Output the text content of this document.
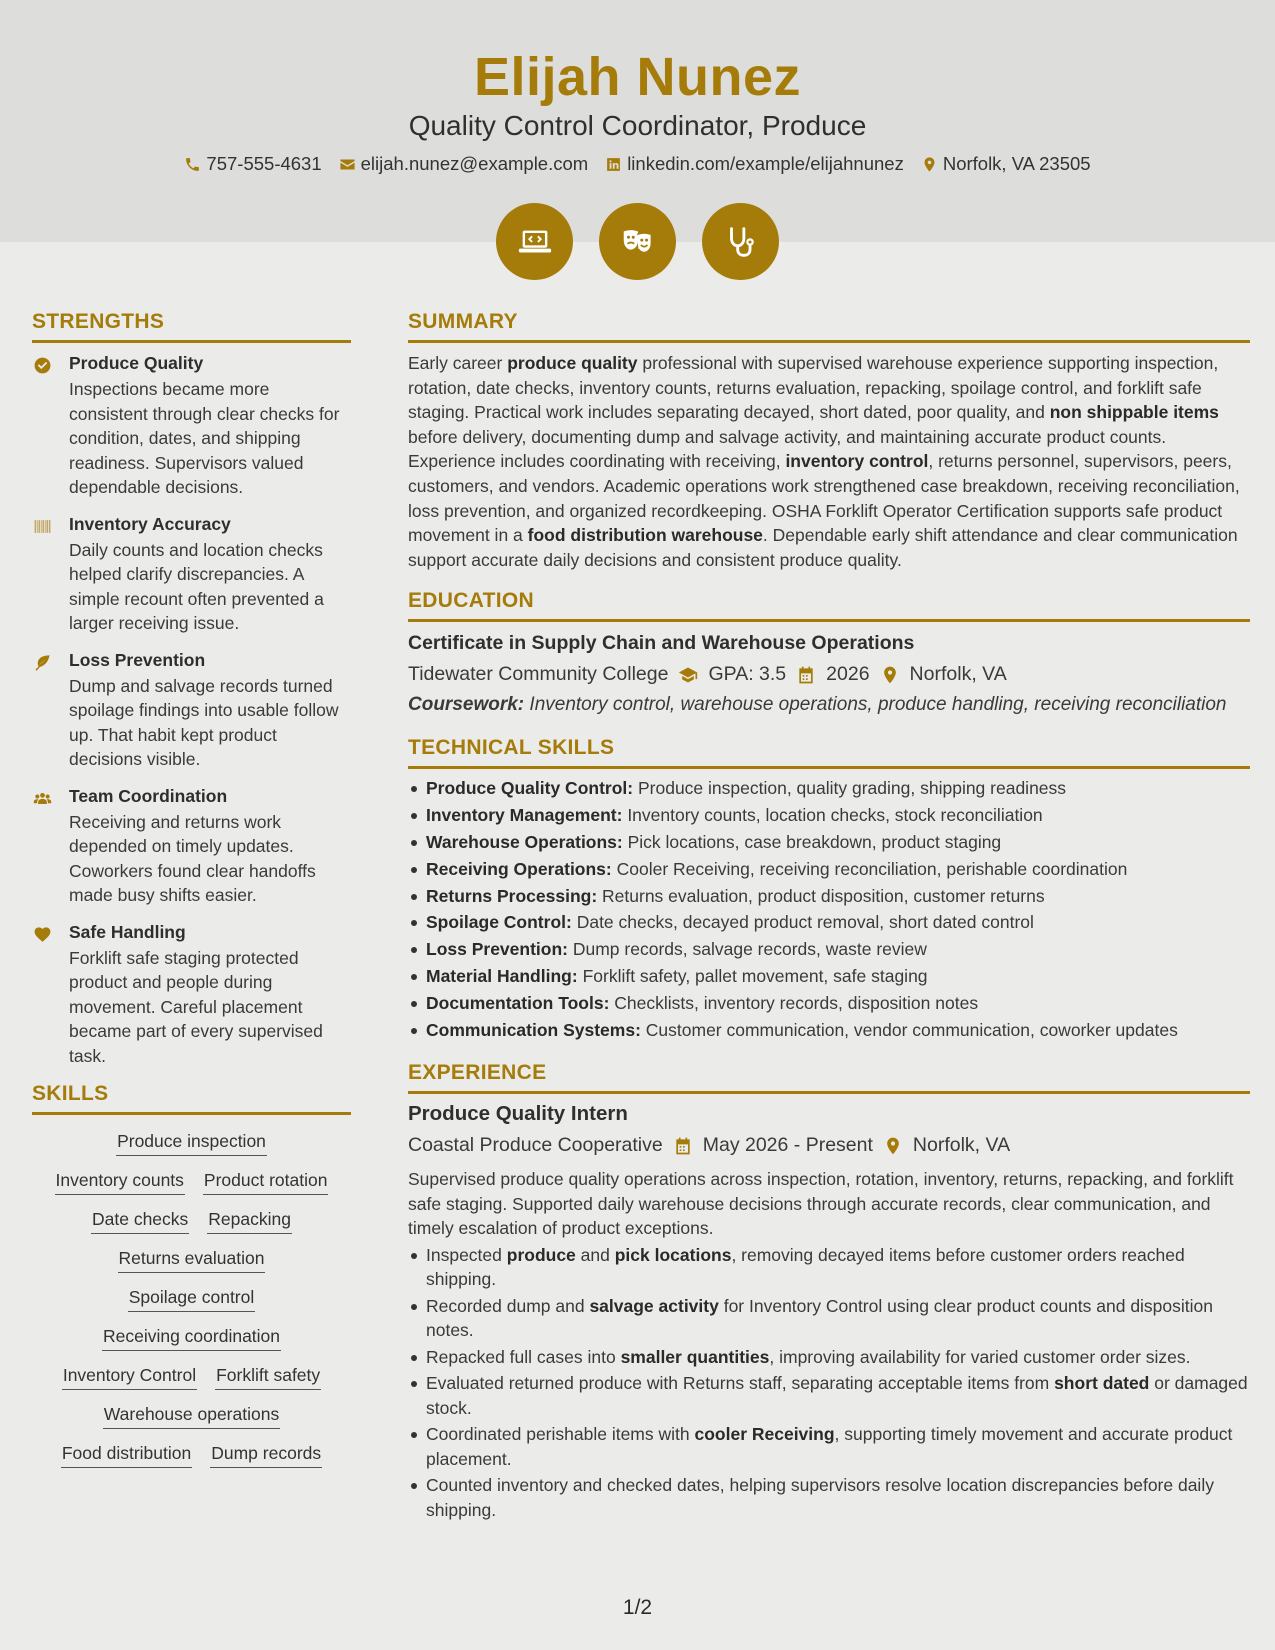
Elijah Nunez
Quality Control Coordinator, Produce
757-555-4631 elijah.nunez@example.com linkedin.com/example/elijahnunez Norfolk, VA 23505
STRENGTHS
Produce Quality

Inspections became more consistent through clear checks for condition, dates, and shipping readiness. Supervisors valued dependable decisions.

Inventory Accuracy

Daily counts and location checks helped clarify discrepancies. A simple recount often prevented a larger receiving issue.

Loss Prevention

Dump and salvage records turned spoilage findings into usable follow up. That habit kept product decisions visible.

Team Coordination

Receiving and returns work depended on timely updates. Coworkers found clear handoffs made busy shifts easier.

Safe Handling

Forklift safe staging protected product and people during movement. Careful placement became part of every supervised task.

SKILLS
Produce inspection
Inventory counts Product rotation
Date checks Repacking
Returns evaluation
Spoilage control
Receiving coordination
Inventory Control Forklift safety
Warehouse operations
Food distribution Dump records
SUMMARY

Early career produce quality professional with supervised warehouse experience supporting inspection, rotation, date checks, inventory counts, returns evaluation, repacking, spoilage control, and forklift safe staging. Practical work includes separating decayed, short dated, poor quality, and non shippable items before delivery, documenting dump and salvage activity, and maintaining accurate product counts. Experience includes coordinating with receiving, inventory control, returns personnel, supervisors, peers, customers, and vendors. Academic operations work strengthened case breakdown, receiving reconciliation, loss prevention, and organized recordkeeping. OSHA Forklift Operator Certification supports safe product movement in a food distribution warehouse. Dependable early shift attendance and clear communication support accurate daily decisions and consistent produce quality.

EDUCATION
Certificate in Supply Chain and Warehouse Operations
Tidewater Community College GPA: 3.5 2026 Norfolk, VA
Coursework: Inventory control, warehouse operations, produce handling, receiving reconciliation
TECHNICAL SKILLS
Produce Quality Control: Produce inspection, quality grading, shipping readiness
Inventory Management: Inventory counts, location checks, stock reconciliation
Warehouse Operations: Pick locations, case breakdown, product staging
Receiving Operations: Cooler Receiving, receiving reconciliation, perishable coordination
Returns Processing: Returns evaluation, product disposition, customer returns
Spoilage Control: Date checks, decayed product removal, short dated control
Loss Prevention: Dump records, salvage records, waste review
Material Handling: Forklift safety, pallet movement, safe staging
Documentation Tools: Checklists, inventory records, disposition notes
Communication Systems: Customer communication, vendor communication, coworker updates
EXPERIENCE
Produce Quality Intern
Coastal Produce Cooperative May 2026 - Present Norfolk, VA

Supervised produce quality operations across inspection, rotation, inventory, returns, repacking, and forklift safe staging. Supported daily warehouse decisions through accurate records, clear communication, and timely escalation of product exceptions.

Inspected produce and pick locations, removing decayed items before customer orders reached shipping.
Recorded dump and salvage activity for Inventory Control using clear product counts and disposition notes.
Repacked full cases into smaller quantities, improving availability for varied customer order sizes.
Evaluated returned produce with Returns staff, separating acceptable items from short dated or damaged stock.
Coordinated perishable items with cooler Receiving, supporting timely movement and accurate product placement.
Counted inventory and checked dates, helping supervisors resolve location discrepancies before daily shipping.
1/2
